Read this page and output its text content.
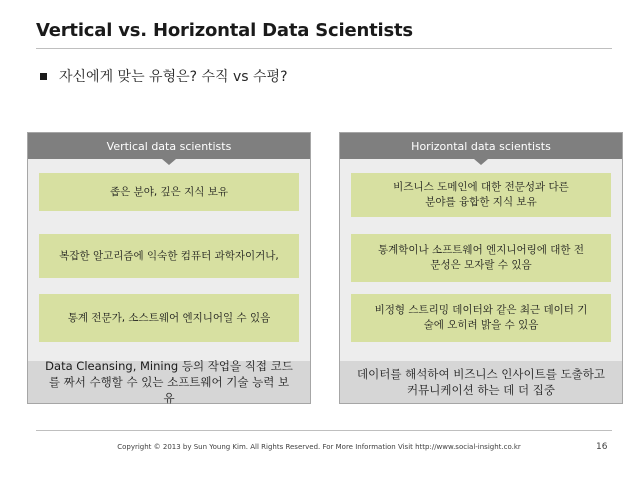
Vertical vs. Horizontal Data Scientists
자신에게 맞는 유형은? 수직 vs 수평?
Vertical data scientists
좁은 분야, 깊은 지식 보유
복잡한 알고리즘에 익숙한 컴퓨터 과학자이거나,
통계 전문가, 소스트웨어 엔지니어일 수 있음
Data Cleansing, Mining 등의 작업을 직접 코드를 짜서 수행할 수 있는 소프트웨어 기술 능력 보유
Horizontal data scientists
비즈니스 도메인에 대한 전문성과 다른 분야를 융합한 지식 보유
통계학이나 소프트웨어 엔지니어링에 대한 전문성은 모자랄 수 있음
비정형 스트리밍 데이터와 같은 최근 데이터 기술에 오히려 밝을 수 있음
데이터를 해석하여 비즈니스 인사이트를 도출하고 커뮤니케이션 하는 데 더 집중
Copyright © 2013 by Sun Young Kim. All Rights Reserved. For More Information Visit http://www.social-insight.co.kr	16
